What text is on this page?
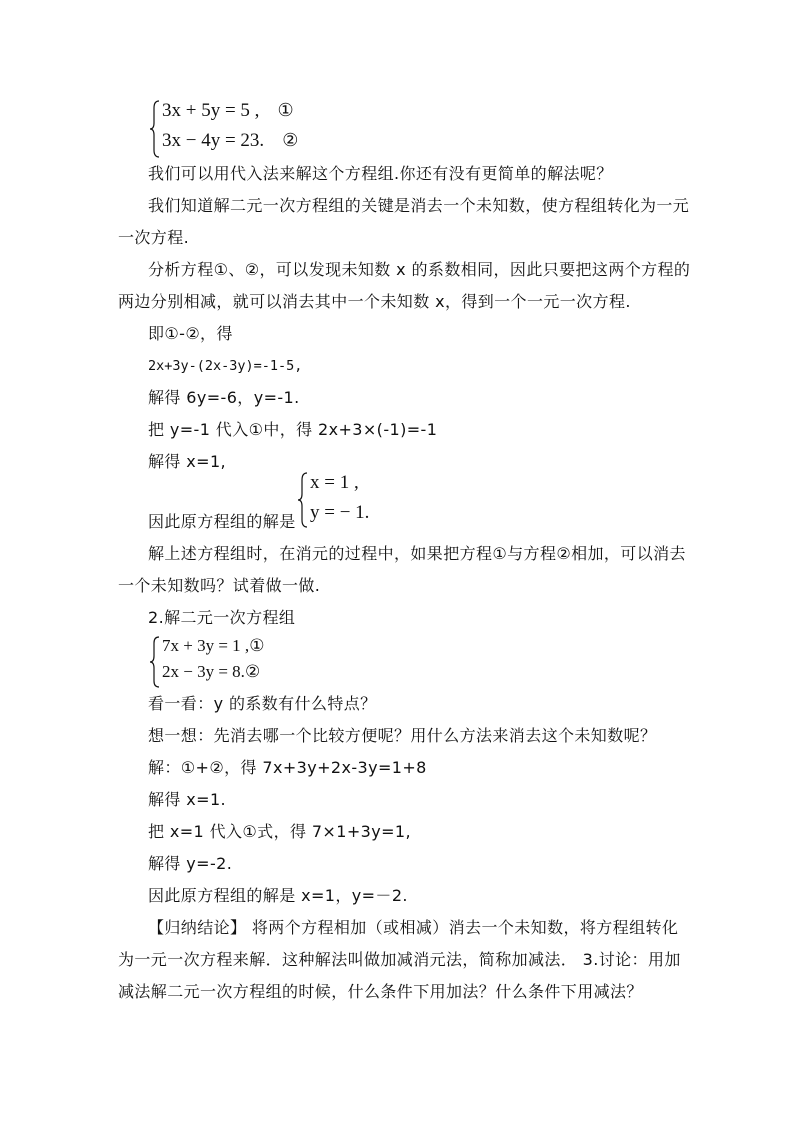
3x + 5y = 5 , ①
3x − 4y = 23. ②
我们可以用代入法来解这个方程组.你还有没有更简单的解法呢？
我们知道解二元一次方程组的关键是消去一个未知数，使方程组转化为一元
一次方程.
分析方程①、②，可以发现未知数 x 的系数相同，因此只要把这两个方程的
两边分别相减，就可以消去其中一个未知数 x，得到一个一元一次方程.
即①-②，得
2x+3y-(2x-3y)=-1-5,
解得 6y=-6，y=-1.
把 y=-1 代入①中，得 2x+3×(-1)=-1
解得 x=1,
因此原方程组的解是
x = 1 ,
y = − 1.
解上述方程组时，在消元的过程中，如果把方程①与方程②相加，可以消去
一个未知数吗？试着做一做.
2.解二元一次方程组
7x + 3y = 1 ,①
2x − 3y = 8.②
看一看：y 的系数有什么特点？
想一想：先消去哪一个比较方便呢？用什么方法来消去这个未知数呢？
解：①+②，得 7x+3y+2x-3y=1+8
解得 x=1.
把 x=1 代入①式，得 7×1+3y=1,
解得 y=-2.
因此原方程组的解是 x=1，y=－2.
【归纳结论】 将两个方程相加（或相减）消去一个未知数，将方程组转化
为一元一次方程来解．这种解法叫做加减消元法，简称加减法． 3.讨论：用加
减法解二元一次方程组的时候，什么条件下用加法？什么条件下用减法？
